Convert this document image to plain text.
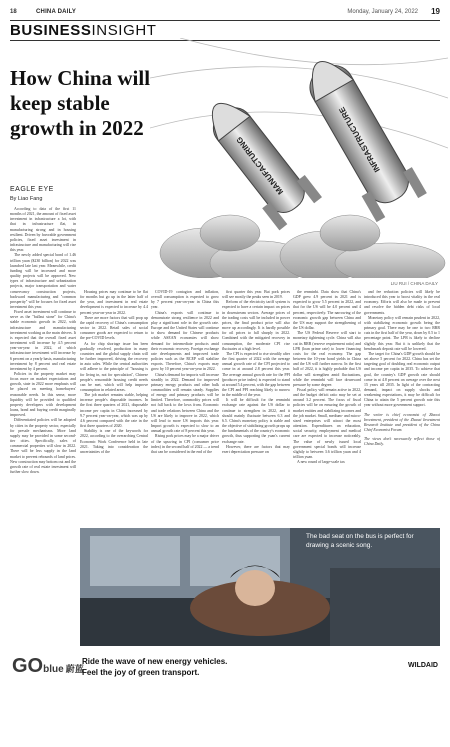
18	CHINA DAILY	Monday, January 24, 2022 19
BUSINESSINSIGHT
How China will keep stable growth in 2022
EAGLE EYE
By Liao Fang
MANUFACTURING	INFRASTRUCTURE
LIU RUI / CHINA DAILY

According to data of the first 11 months of 2021, the amount of fixed asset investment in infrastructure a lot, with that in infrastructure flat, in manufacturing strong and in housing resilient. Driven by favorable government policies, fixed asset investment in infrastructure and manufacturing will rise this year.

The newly added special bond of 1.46 trillion yuan ($230 billion) for 2022 was launched late last year. Meanwhile, credit funding will be increased and more quality projects will be approved. New types of infrastructure and urbanization projects, major transportation and water conservancy construction projects, backward manufacturing and "common prosperity" will be focuses for fixed asset investment this year.

Fixed asset investment will continue to serve as the "ballast stone" for China's stable economic growth in 2022, with infrastructure and manufacturing investment working as the main drivers. It is expected that the overall fixed asset investment will increase by 4.5 percent year-on-year in 2022, of which infrastructure investment will increase by 6 percent on a yearly basis, manufacturing investment by 8 percent and real estate investment by 4 percent.

Policies in the property market may focus more on market expectations and growth, state in 2022 more emphasis will be placed on meeting homebuyers' reasonable needs. In this sense, more liquidity will be provided to qualified property developers with development loans, bond and buying credit marginally improved.

Differentiated policies will be adopted by cities in the property sector, especially for presale mechanisms. More land supply may be provided in some second-tier cities. Specifically, sales of commercial properties will slow in 2022. There will be less supply in the land market to prevent rebounds of land prices. New construction may bottom out and the growth rate of real estate investment will further slow down.

Housing prices may continue to be flat for months but go up in the latter half of the year, and investment in real estate development is expected to increase by 4.4 percent year-on-year in 2022.

There are more factors that will prop up the rapid recovery of China's consumption sector in 2022. Retail sales of social consumer goods are expected to return to the pre-COVID levels.

As for chip shortage issue has been gradually resolved, production in many countries and the global supply chain will be further improved, driving the recovery in auto sales. While the central authorities will adhere to the principle of "housing is for living in, not for speculation", Chinese people's reasonable housing credit needs can be met, which will help improve consumption in related areas.

The job market remains stable, helping increase people's disposable incomes. In the first three quarters of 2021, disposable income per capita in China increased by 9.7 percent year-on-year, which was up by 4.6 percent compared with the rate in the first three quarters of 2020.

Stability is one of the keywords for 2022, according to the overarching Central Economic Work Conference held in late 2021. Taking into consideration the uncertainties of the

COVID-19 contagion and inflation, overall consumption is expected to grow by 7 percent year-on-year in China this year.

China's exports will continue to demonstrate strong resilience in 2022 and play a significant role in the growth rate. Europe and the United States will continue to show demand for Chinese products while ASEAN economies will show demand for intermediate products amid their economic recovery. Foreign exchange rate developments and improved trade policies such as the RCEP will stabilize exports. Therefore, China's exports may grow by 10 percent year-on-year in 2022.

China's demand for imports will increase steadily in 2022. Demand for improved primary energy products and other bulk commodities will remain steady. Supplies of energy and primary products will be limited. Therefore, commodity prices will not fall back to the lows from. Economic and trade relations between China and the US are likely to improve in 2022, which will lead to more US imports this year. Import growth is expected to slow to an annual growth rate of 8 percent this year.

Rising pork prices may be a major driver of the upswing in CPI (consumer price index) in the second half of 2022 — a trend that can be considered in the end of the

first quarter this year. But pork prices will see mostly the peaks seen in 2019.

Reform of the electricity tariff system is expected to have a certain impact on prices in downstream sectors. Average prices of the trading costs will be included in power prices, the final product price will also move up accordingly. It is hardly possible for oil prices to fall sharply in 2022. Combined with the mitigated recovery in consumption, the moderate CPI rise fluctuates at a high level.

The CPI is expected to rise steadily after the first quarter of 2022 with the average annual growth rate of the CPI projected to come in at around 2.8 percent this year. The average annual growth rate for the PPI (producer price index) is expected to stand at around 5.4 percent, with the gap between the CPI and PPI reaching likely to narrow in the middle of the year.

It will be difficult for the renminbi exchange rate against the US dollar to continue to strengthen in 2022, and it should mainly fluctuate between 6.3 and 6.5. China's monetary policy is stable and the objective of stabilizing growth props up the fundamentals of the country's economic growth, thus supporting the yuan's current exchange rate.

However, there are factors that may exert depreciation pressure on

the renminbi. Data show that China's GDP grew 4.9 percent in 2021 and is expected to grow 5.5 percent in 2022, and that for the US will be 4.0 percent and 4 percent, respectively. The narrowing of the economic growth gap between China and the US may support the strengthening of the US dollar.

The US Federal Reserve will start to monetary tightening cycle. China will also cut its RRR (reserve requirement ratio) and LPR (loan prime rate) to lower financing costs for the real economy. The gap between the 10-year bond yields in China and the US will further narrow. In the first half of 2022, it is highly probable that US dollar will strengthen amid fluctuations, while the renminbi will face downward pressure by some degree.

Fiscal policy will remain active in 2022, and the budget deficit ratio may be set at around 3.2 percent. The focus of fiscal policies will be on ensuring the growth of market entities and stabilizing incomes and the job market. Small, medium- and micro-sized enterprises will attract the most attention. Expenditures on education, social security, employment and medical care are expected to increase noticeably. The value of newly issued local government special bonds will increase slightly to between 3.6 trillion yuan and 4 trillion yuan.

A new round of large-scale tax

and fee reduction policies will likely be introduced this year to boost vitality in the real economy. Efforts will also be made to prevent and resolve the hidden debt risks of local governments.

Monetary policy will remain prudent in 2022, with stabilizing economic growth being the primary goal. There may be one to two RRR cuts in the first half of the year, down by 0.5 to 1 percentage point. The LPR is likely to decline slightly this year. But it is unlikely that the benchmark deposit rate will be lowered.

The target for China's GDP growth should be set above 5 percent for 2022. China has set the targeting goal of doubling real economic output and income per capita in 2035. To achieve that goal, the country's GDP growth rate should come in at 4.8 percent on average over the next 15 years till 2035. In light of the contracting demand, impact on supply shocks and weakening expectations, it may be difficult for China to attain the 5 percent growth rate this year without more government support.

The writer is chief economist of Zhaoxi Investment, president of the Zhaoxi Investment Research Institute and president of the China Chief Economist Forum.

The views don't necessarily reflect those of China Daily.

The bad seat on the bus is perfect for drawing a scenic song.
GOblue 蔚蓝
Ride the wave of new energy vehicles.
Feel the joy of green transport.
WILDAID
